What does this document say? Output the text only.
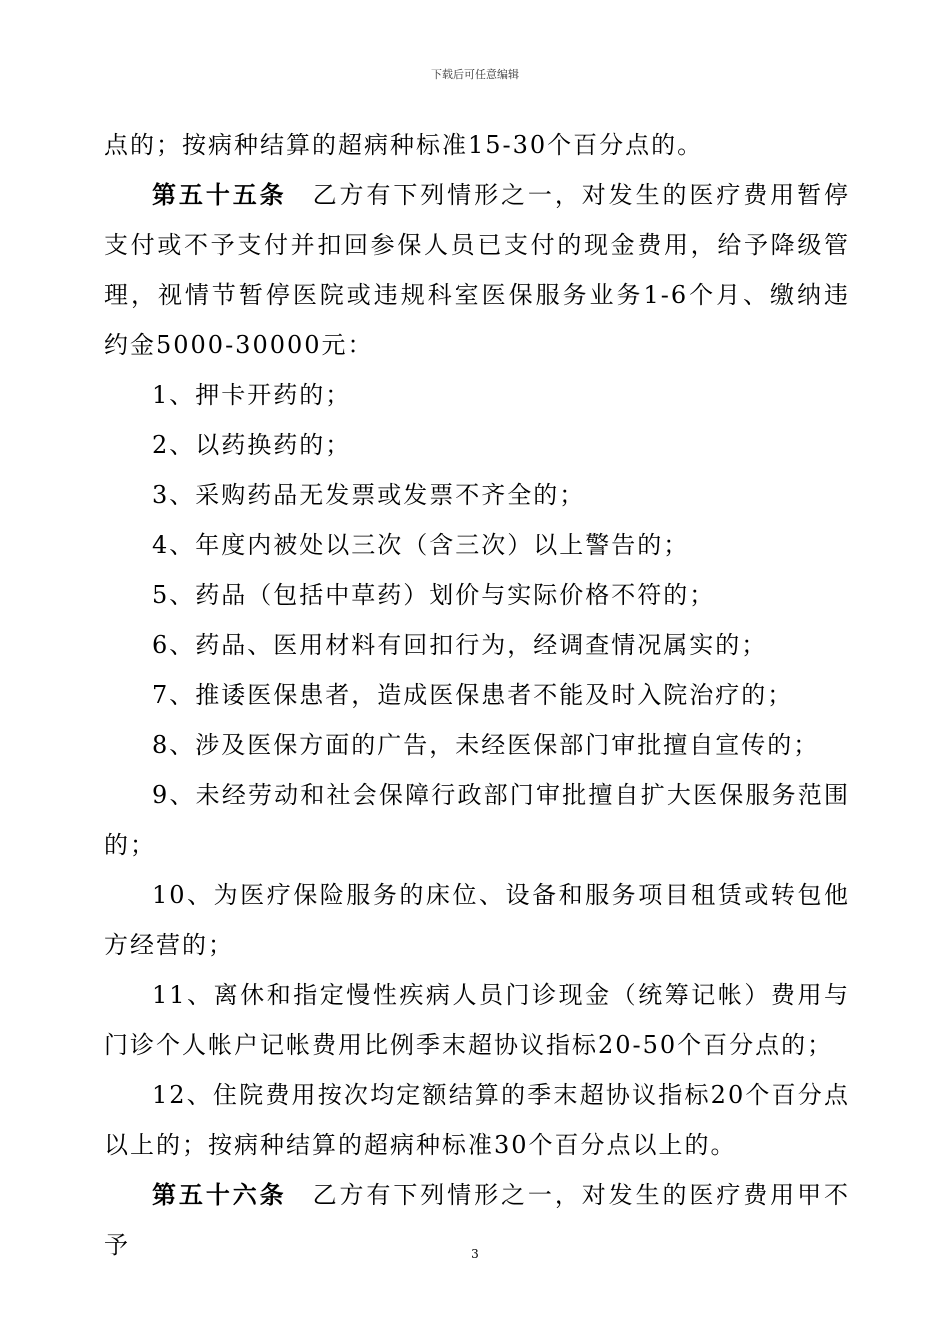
下载后可任意编辑

点的；按病种结算的超病种标准15-30个百分点的。

第五十五条 乙方有下列情形之一，对发生的医疗费用暂停支付或不予支付并扣回参保人员已支付的现金费用，给予降级管理，视情节暂停医院或违规科室医保服务业务1-6个月、缴纳违约金5000-30000元：

1、押卡开药的；

2、以药换药的；

3、采购药品无发票或发票不齐全的；

4、年度内被处以三次（含三次）以上警告的；

5、药品（包括中草药）划价与实际价格不符的；

6、药品、医用材料有回扣行为，经调查情况属实的；

7、推诿医保患者，造成医保患者不能及时入院治疗的；

8、涉及医保方面的广告，未经医保部门审批擅自宣传的；

9、未经劳动和社会保障行政部门审批擅自扩大医保服务范围的；

10、为医疗保险服务的床位、设备和服务项目租赁或转包他方经营的；

11、离休和指定慢性疾病人员门诊现金（统筹记帐）费用与门诊个人帐户记帐费用比例季末超协议指标20-50个百分点的；

12、住院费用按次均定额结算的季末超协议指标20个百分点以上的；按病种结算的超病种标准30个百分点以上的。

第五十六条 乙方有下列情形之一，对发生的医疗费用甲不予	3
